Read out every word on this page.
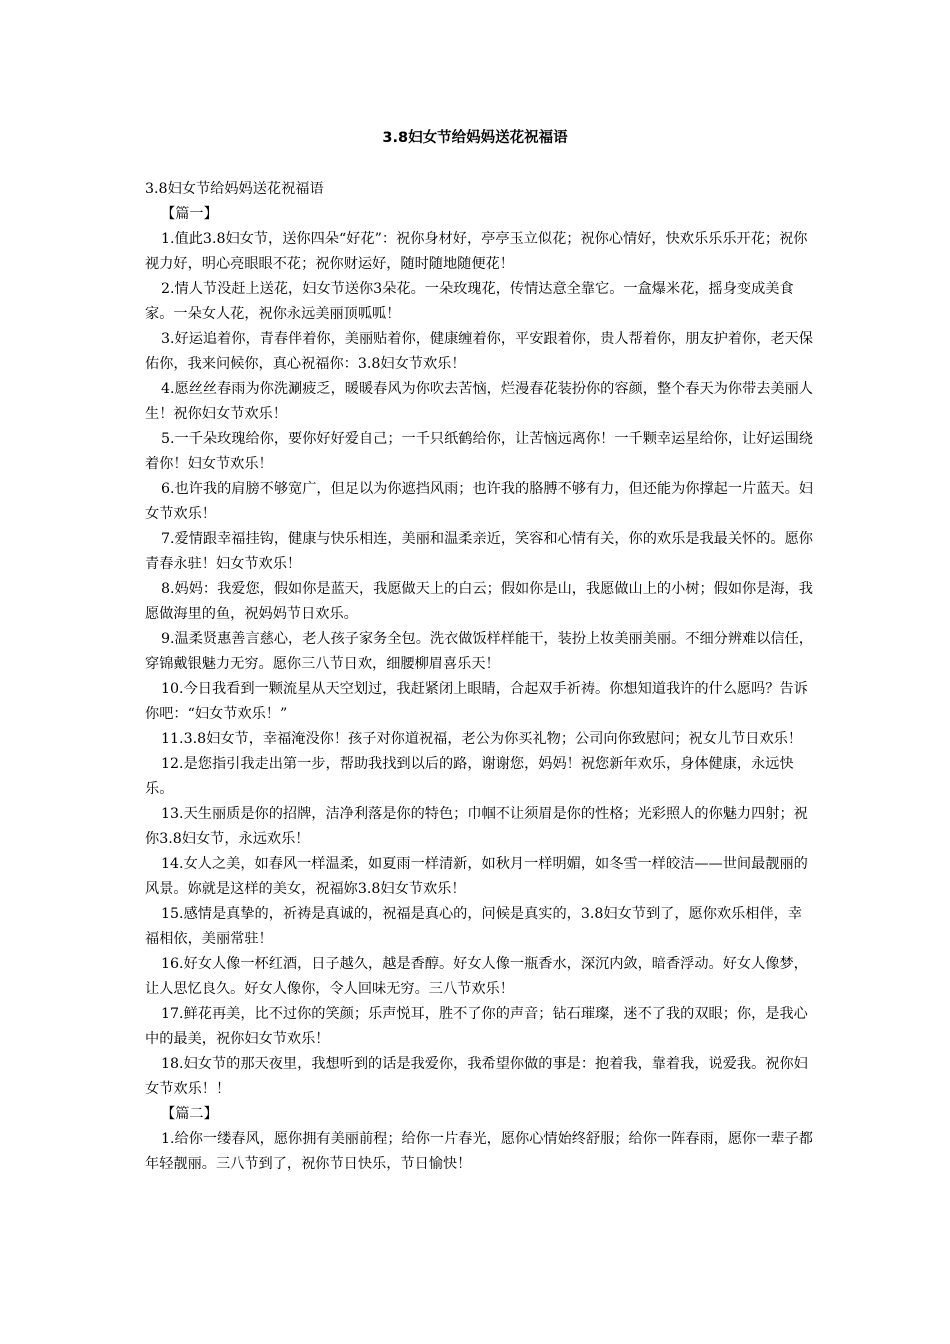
3.8妇女节给妈妈送花祝福语

3.8妇女节给妈妈送花祝福语

【篇一】

1.值此3.8妇女节，送你四朵“好花”：祝你身材好，亭亭玉立似花；祝你心情好，快欢乐乐乐开花；祝你视力好，明心亮眼眼不花；祝你财运好，随时随地随便花！

2.情人节没赶上送花，妇女节送你3朵花。一朵玫瑰花，传情达意全靠它。一盒爆米花，摇身变成美食家。一朵女人花，祝你永远美丽顶呱呱！

3.好运追着你，青春伴着你，美丽贴着你，健康缠着你，平安跟着你，贵人帮着你，朋友护着你，老天保佑你，我来问候你，真心祝福你：3.8妇女节欢乐！

4.愿丝丝春雨为你洗涮疲乏，暖暖春风为你吹去苦恼，烂漫春花装扮你的容颜，整个春天为你带去美丽人生！祝你妇女节欢乐！

5.一千朵玫瑰给你，要你好好爱自己；一千只纸鹤给你，让苦恼远离你！一千颗幸运星给你，让好运围绕着你！妇女节欢乐！

6.也许我的肩膀不够宽广，但足以为你遮挡风雨；也许我的胳膊不够有力，但还能为你撑起一片蓝天。妇女节欢乐！

7.爱情跟幸福挂钩，健康与快乐相连，美丽和温柔亲近，笑容和心情有关，你的欢乐是我最关怀的。愿你青春永驻！妇女节欢乐！

8.妈妈：我爱您，假如你是蓝天，我愿做天上的白云；假如你是山，我愿做山上的小树；假如你是海，我愿做海里的鱼，祝妈妈节日欢乐。

9.温柔贤惠善言慈心，老人孩子家务全包。洗衣做饭样样能干，装扮上妆美丽美丽。不细分辨难以信任，穿锦戴银魅力无穷。愿你三八节日欢，细腰柳眉喜乐天！

10.今日我看到一颗流星从天空划过，我赶紧闭上眼睛，合起双手祈祷。你想知道我许的什么愿吗？告诉你吧：“妇女节欢乐！”

11.3.8妇女节，幸福淹没你！孩子对你道祝福，老公为你买礼物；公司向你致慰问；祝女儿节日欢乐！

12.是您指引我走出第一步，帮助我找到以后的路，谢谢您，妈妈！祝您新年欢乐，身体健康，永远快乐。

13.天生丽质是你的招牌，洁净利落是你的特色；巾帼不让须眉是你的性格；光彩照人的你魅力四射；祝你3.8妇女节，永远欢乐！

14.女人之美，如春风一样温柔，如夏雨一样清新，如秋月一样明媚，如冬雪一样皎洁——世间最靓丽的风景。妳就是这样的美女，祝福妳3.8妇女节欢乐！

15.感情是真挚的，祈祷是真诚的，祝福是真心的，问候是真实的，3.8妇女节到了，愿你欢乐相伴，幸福相依，美丽常驻！

16.好女人像一杯红酒，日子越久，越是香醇。好女人像一瓶香水，深沉内敛，暗香浮动。好女人像梦，让人思忆良久。好女人像你，令人回味无穷。三八节欢乐！

17.鲜花再美，比不过你的笑颜；乐声悦耳，胜不了你的声音；钻石璀璨，迷不了我的双眼；你，是我心中的最美，祝你妇女节欢乐！

18.妇女节的那天夜里，我想听到的话是我爱你，我希望你做的事是：抱着我，靠着我，说爱我。祝你妇女节欢乐！！

【篇二】

1.给你一缕春风，愿你拥有美丽前程；给你一片春光，愿你心情始终舒服；给你一阵春雨，愿你一辈子都年轻靓丽。三八节到了，祝你节日快乐，节日愉快！
